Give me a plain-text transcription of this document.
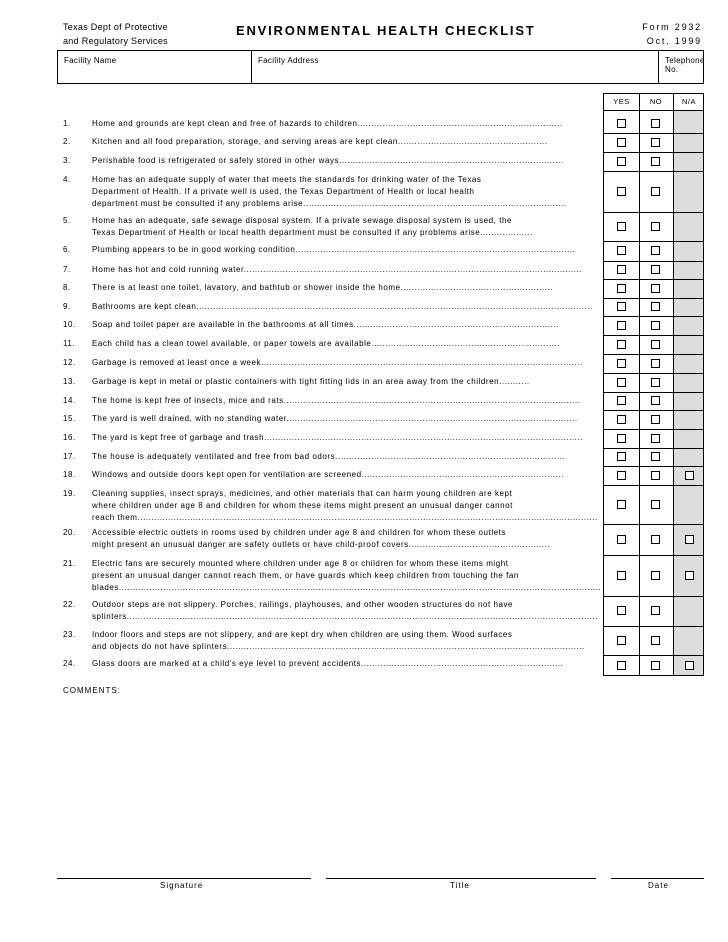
Texas Dept of Protective
and Regulatory Services
ENVIRONMENTAL HEALTH CHECKLIST	Form 2932
Oct. 1999
Facility Name	Facility Address	Telephone No.
YES	NO	N/A
1.	Home and grounds are kept clean and free of hazards to children..........................................................................
2.	Kitchen and all food preparation, storage, and serving areas are kept clean......................................................
3.	Perishable food is refrigerated or safely stored in other ways.................................................................................
4.	Home has an adequate supply of water that meets the standards for drinking water of the Texas
Department of Health. If a private well is used, the Texas Department of Health or local health
department must be consulted if any problems arise...............................................................................................
5.	Home has an adequate, safe sewage disposal system. If a private sewage disposal system is used, the
Texas Department of Health or local health department must be consulted if any problems arise...................
6.	Plumbing appears to be in good working condition.....................................................................................................
7.	Home has hot and cold running water..........................................................................................................................
8.	There is at least one toilet, lavatory, and bathtub or shower inside the home.......................................................
9.	Bathrooms are kept clean...............................................................................................................................................
10. Soap and toilet paper are available in the bathrooms at all times..........................................................................
11. Each child has a clean towel available, or paper towels are available....................................................................
12. Garbage is removed at least once a week....................................................................................................................
13. Garbage is kept in metal or plastic containers with tight fitting lids in an area away from the children...........
14. The home is kept free of insects, mice and rats...........................................................................................................
15. The yard is well drained, with no standing water.........................................................................................................
16. The yard is kept free of garbage and trash...................................................................................................................
17. The house is adequately ventilated and free from bad odors...................................................................................
18. Windows and outside doors kept open for ventilation are screened.........................................................................
19. Cleaning supplies, insect sprays, medicines, and other materials that can harm young children are kept
where children under age 8 and children for whom these items might present an unusual danger cannot
reach them......................................................................................................................................................................
20. Accessible electric outlets in rooms used by children under age 8 and children for whom these outlets
might present an unusual danger are safety outlets or have child-proof covers...................................................
21. Electric fans are securely mounted where children under age 8 or children for whom these items might
present an unusual danger cannot reach them, or have guards which keep children from touching the fan
blades..............................................................................................................................................................................
22. Outdoor steps are not slippery. Porches, railings, playhouses, and other wooden structures do not have
splinters..........................................................................................................................................................................
23. Indoor floors and steps are not slippery, and are kept dry when children are using them. Wood surfaces
and objects do not have splinters.................................................................................................................................
24. Glass doors are marked at a child's eye level to prevent accidents.........................................................................
COMMENTS:
Signature	Title	Date
